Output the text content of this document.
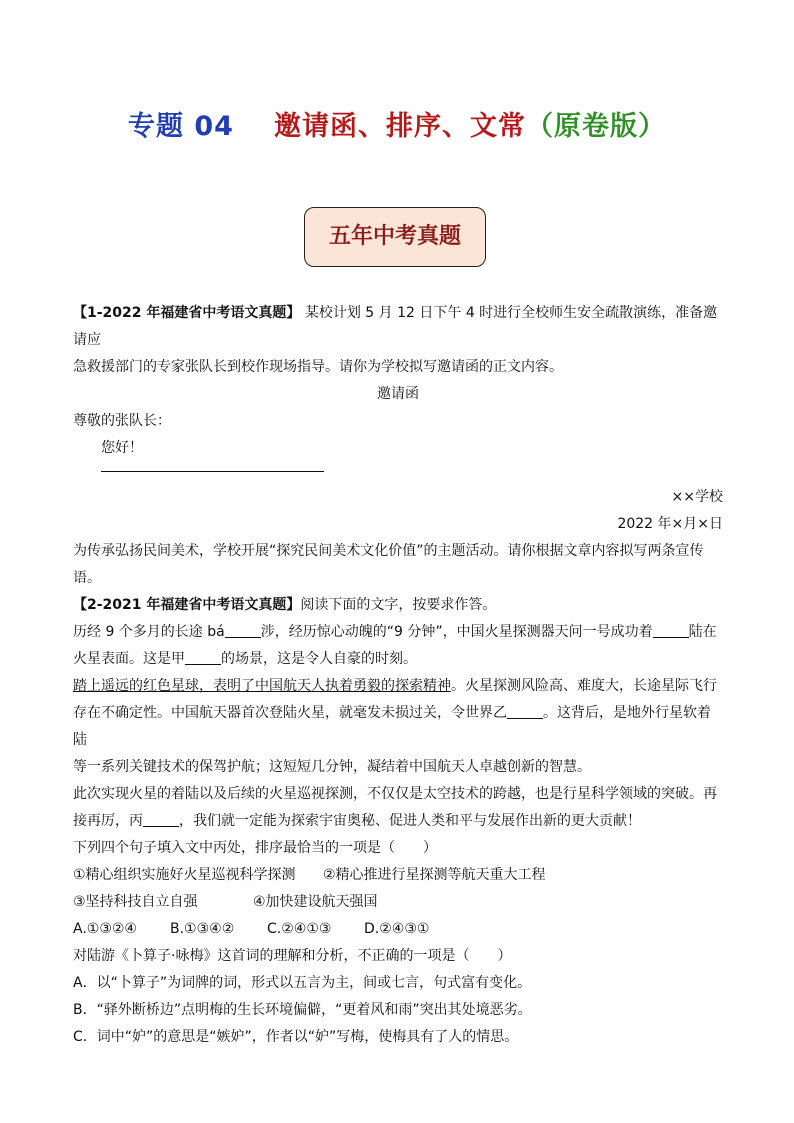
专题 04 邀请函、排序、文常（原卷版）
五年中考真题

【1-2022 年福建省中考语文真题】 某校计划 5 月 12 日下午 4 时进行全校师生安全疏散演练，准备邀请应

急救援部门的专家张队长到校作现场指导。请你为学校拟写邀请函的正文内容。

邀请函

尊敬的张队长：

您好！

××学校

2022 年×月×日

为传承弘扬民间美术，学校开展“探究民间美术文化价值”的主题活动。请你根据文章内容拟写两条宣传

语。

【2-2021 年福建省中考语文真题】阅读下面的文字，按要求作答。

历经 9 个多月的长途 bá	涉，经历惊心动魄的“9 分钟”，中国火星探测器天问一号成功着	陆在

火星表面。这是甲	的场景，这是令人自豪的时刻。

踏上遥远的红色星球，表明了中国航天人执着勇毅的探索精神。火星探测风险高、难度大，长途星际飞行

存在不确定性。中国航天器首次登陆火星，就毫发未损过关，令世界乙	。这背后，是地外行星软着陆

等一系列关键技术的保驾护航；这短短几分钟，凝结着中国航天人卓越创新的智慧。

此次实现火星的着陆以及后续的火星巡视探测，不仅仅是太空技术的跨越，也是行星科学领域的突破。再

接再厉，丙	，我们就一定能为探索宇宙奥秘、促进人类和平与发展作出新的更大贡献！

下列四个句子填入文中丙处，排序最恰当的一项是（　　）

①精心组织实施好火星巡视科学探测 ②精心推进行星探测等航天重大工程

③坚持科技自立自强	④加快建设航天强国

A.①③②④ B.①③④② C.②④①③ D.②④③①

对陆游《卜算子·咏梅》这首词的理解和分析，不正确的一项是（　　）

A．以“卜算子”为词牌的词，形式以五言为主，间或七言，句式富有变化。

B．“驿外断桥边”点明梅的生长环境偏僻，“更着风和雨”突出其处境恶劣。

C．词中“妒”的意思是“嫉妒”，作者以“妒”写梅，使梅具有了人的情思。
